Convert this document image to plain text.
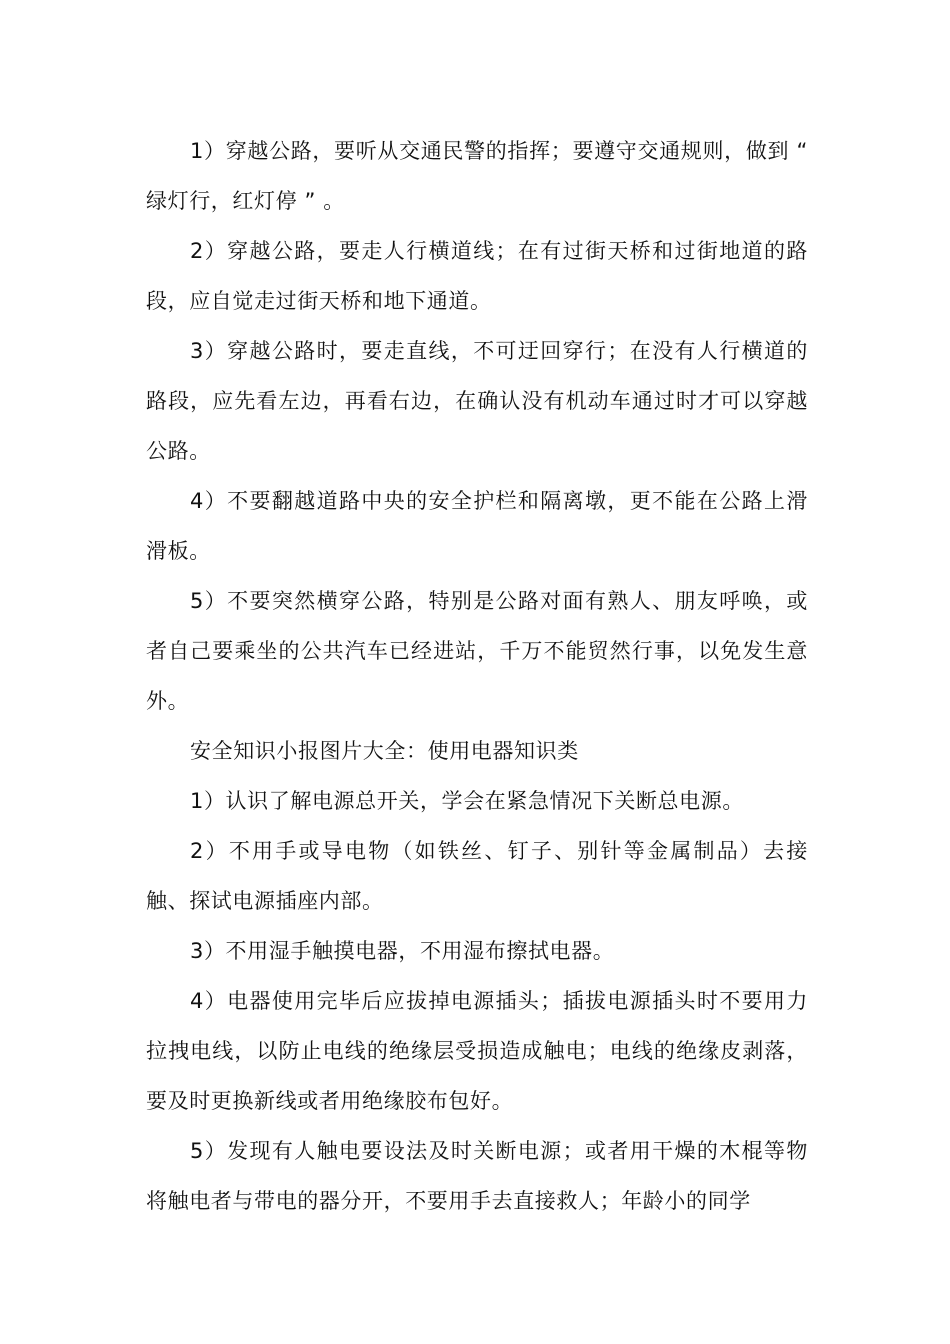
1）穿越公路，要听从交通民警的指挥；要遵守交通规则，做到 “ 绿灯行，红灯停 ” 。

2）穿越公路，要走人行横道线；在有过街天桥和过街地道的路段，应自觉走过街天桥和地下通道。

3）穿越公路时，要走直线，不可迂回穿行；在没有人行横道的路段，应先看左边，再看右边，在确认没有机动车通过时才可以穿越公路。

4）不要翻越道路中央的安全护栏和隔离墩，更不能在公路上滑滑板。

5）不要突然横穿公路，特别是公路对面有熟人、朋友呼唤，或者自己要乘坐的公共汽车已经进站，千万不能贸然行事，以免发生意外。

安全知识小报图片大全：使用电器知识类

1）认识了解电源总开关，学会在紧急情况下关断总电源。

2）不用手或导电物（如铁丝、钉子、别针等金属制品）去接触、探试电源插座内部。

3）不用湿手触摸电器，不用湿布擦拭电器。

4）电器使用完毕后应拔掉电源插头；插拔电源插头时不要用力拉拽电线，以防止电线的绝缘层受损造成触电；电线的绝缘皮剥落，要及时更换新线或者用绝缘胶布包好。

5）发现有人触电要设法及时关断电源；或者用干燥的木棍等物将触电者与带电的器分开，不要用手去直接救人；年龄小的同学
